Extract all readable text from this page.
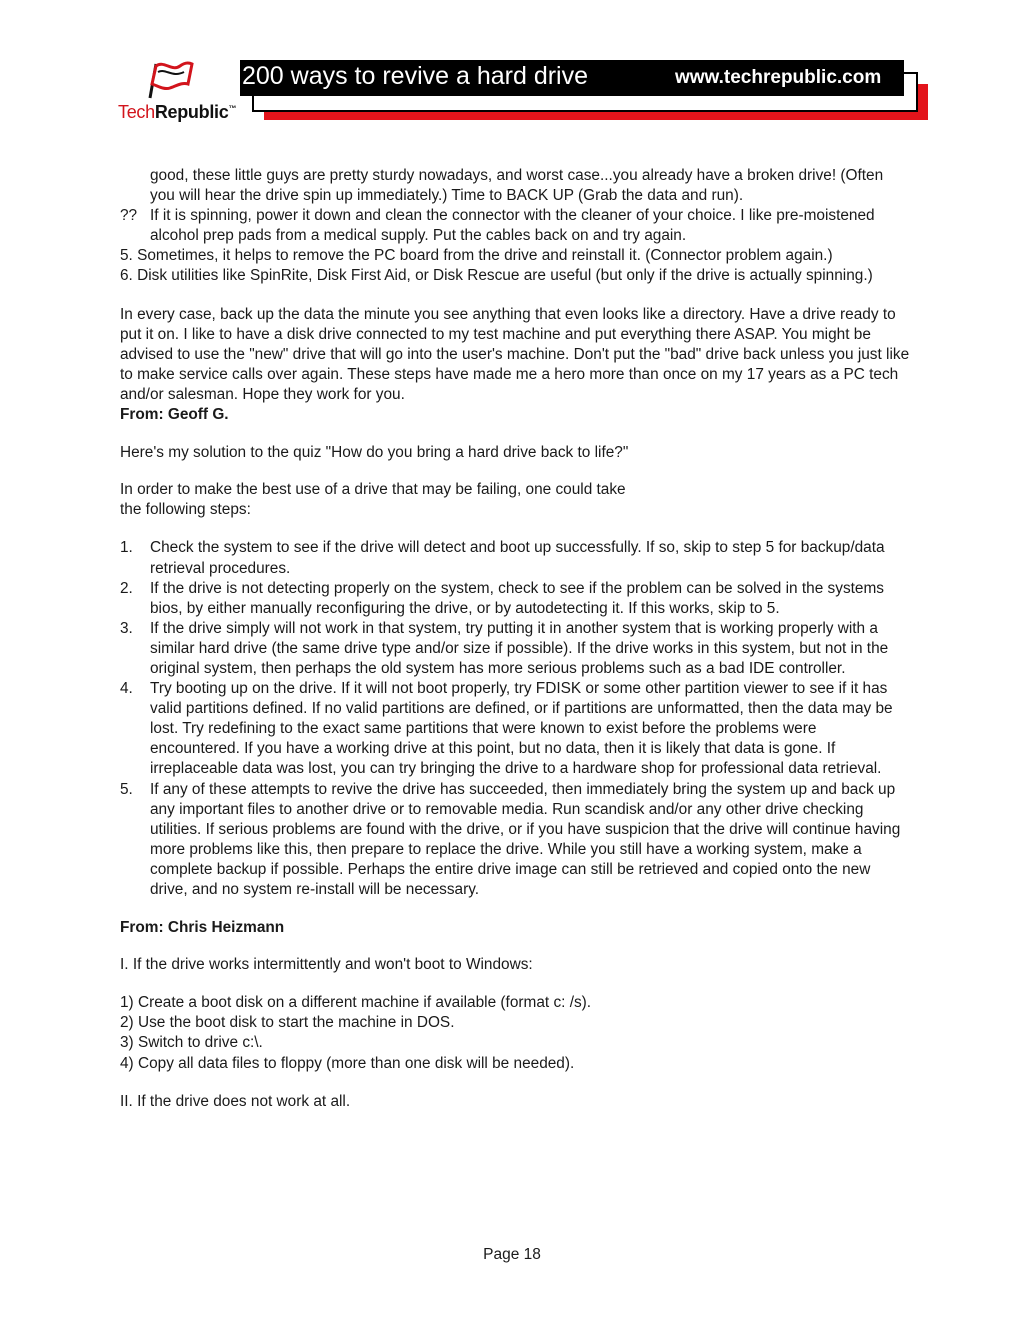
TechRepublic™
200 ways to revive a hard drive	www.techrepublic.com

good, these little guys are pretty sturdy nowadays, and worst case...you already have a broken drive! (Often you will hear the drive spin up immediately.) Time to BACK UP (Grab the data and run).

?? If it is spinning, power it down and clean the connector with the cleaner of your choice. I like pre-moistened alcohol prep pads from a medical supply. Put the cables back on and try again.

5. Sometimes, it helps to remove the PC board from the drive and reinstall it. (Connector problem again.)

6. Disk utilities like SpinRite, Disk First Aid, or Disk Rescue are useful (but only if the drive is actually spinning.)

In every case, back up the data the minute you see anything that even looks like a directory. Have a drive ready to put it on. I like to have a disk drive connected to my test machine and put everything there ASAP. You might be advised to use the "new" drive that will go into the user's machine. Don't put the "bad" drive back unless you just like to make service calls over again. These steps have made me a hero more than once on my 17 years as a PC tech and/or salesman. Hope they work for you.

From: Geoff G.

Here's my solution to the quiz "How do you bring a hard drive back to life?"

In order to make the best use of a drive that may be failing, one could take

the following steps:

1. Check the system to see if the drive will detect and boot up successfully. If so, skip to step 5 for backup/data retrieval procedures.
2. If the drive is not detecting properly on the system, check to see if the problem can be solved in the systems bios, by either manually reconfiguring the drive, or by autodetecting it. If this works, skip to 5.
3. If the drive simply will not work in that system, try putting it in another system that is working properly with a similar hard drive (the same drive type and/or size if possible). If the drive works in this system, but not in the original system, then perhaps the old system has more serious problems such as a bad IDE controller.
4. Try booting up on the drive. If it will not boot properly, try FDISK or some other partition viewer to see if it has valid partitions defined. If no valid partitions are defined, or if partitions are unformatted, then the data may be lost. Try redefining to the exact same partitions that were known to exist before the problems were encountered. If you have a working drive at this point, but no data, then it is likely that data is gone. If irreplaceable data was lost, you can try bringing the drive to a hardware shop for professional data retrieval.
5. If any of these attempts to revive the drive has succeeded, then immediately bring the system up and back up any important files to another drive or to removable media. Run scandisk and/or any other drive checking utilities. If serious problems are found with the drive, or if you have suspicion that the drive will continue having more problems like this, then prepare to replace the drive. While you still have a working system, make a complete backup if possible. Perhaps the entire drive image can still be retrieved and copied onto the new drive, and no system re-install will be necessary.

From: Chris Heizmann

I. If the drive works intermittently and won't boot to Windows:

1) Create a boot disk on a different machine if available (format c: /s).

2) Use the boot disk to start the machine in DOS.

3) Switch to drive c:\.

4) Copy all data files to floppy (more than one disk will be needed).

II. If the drive does not work at all.

Page 18
